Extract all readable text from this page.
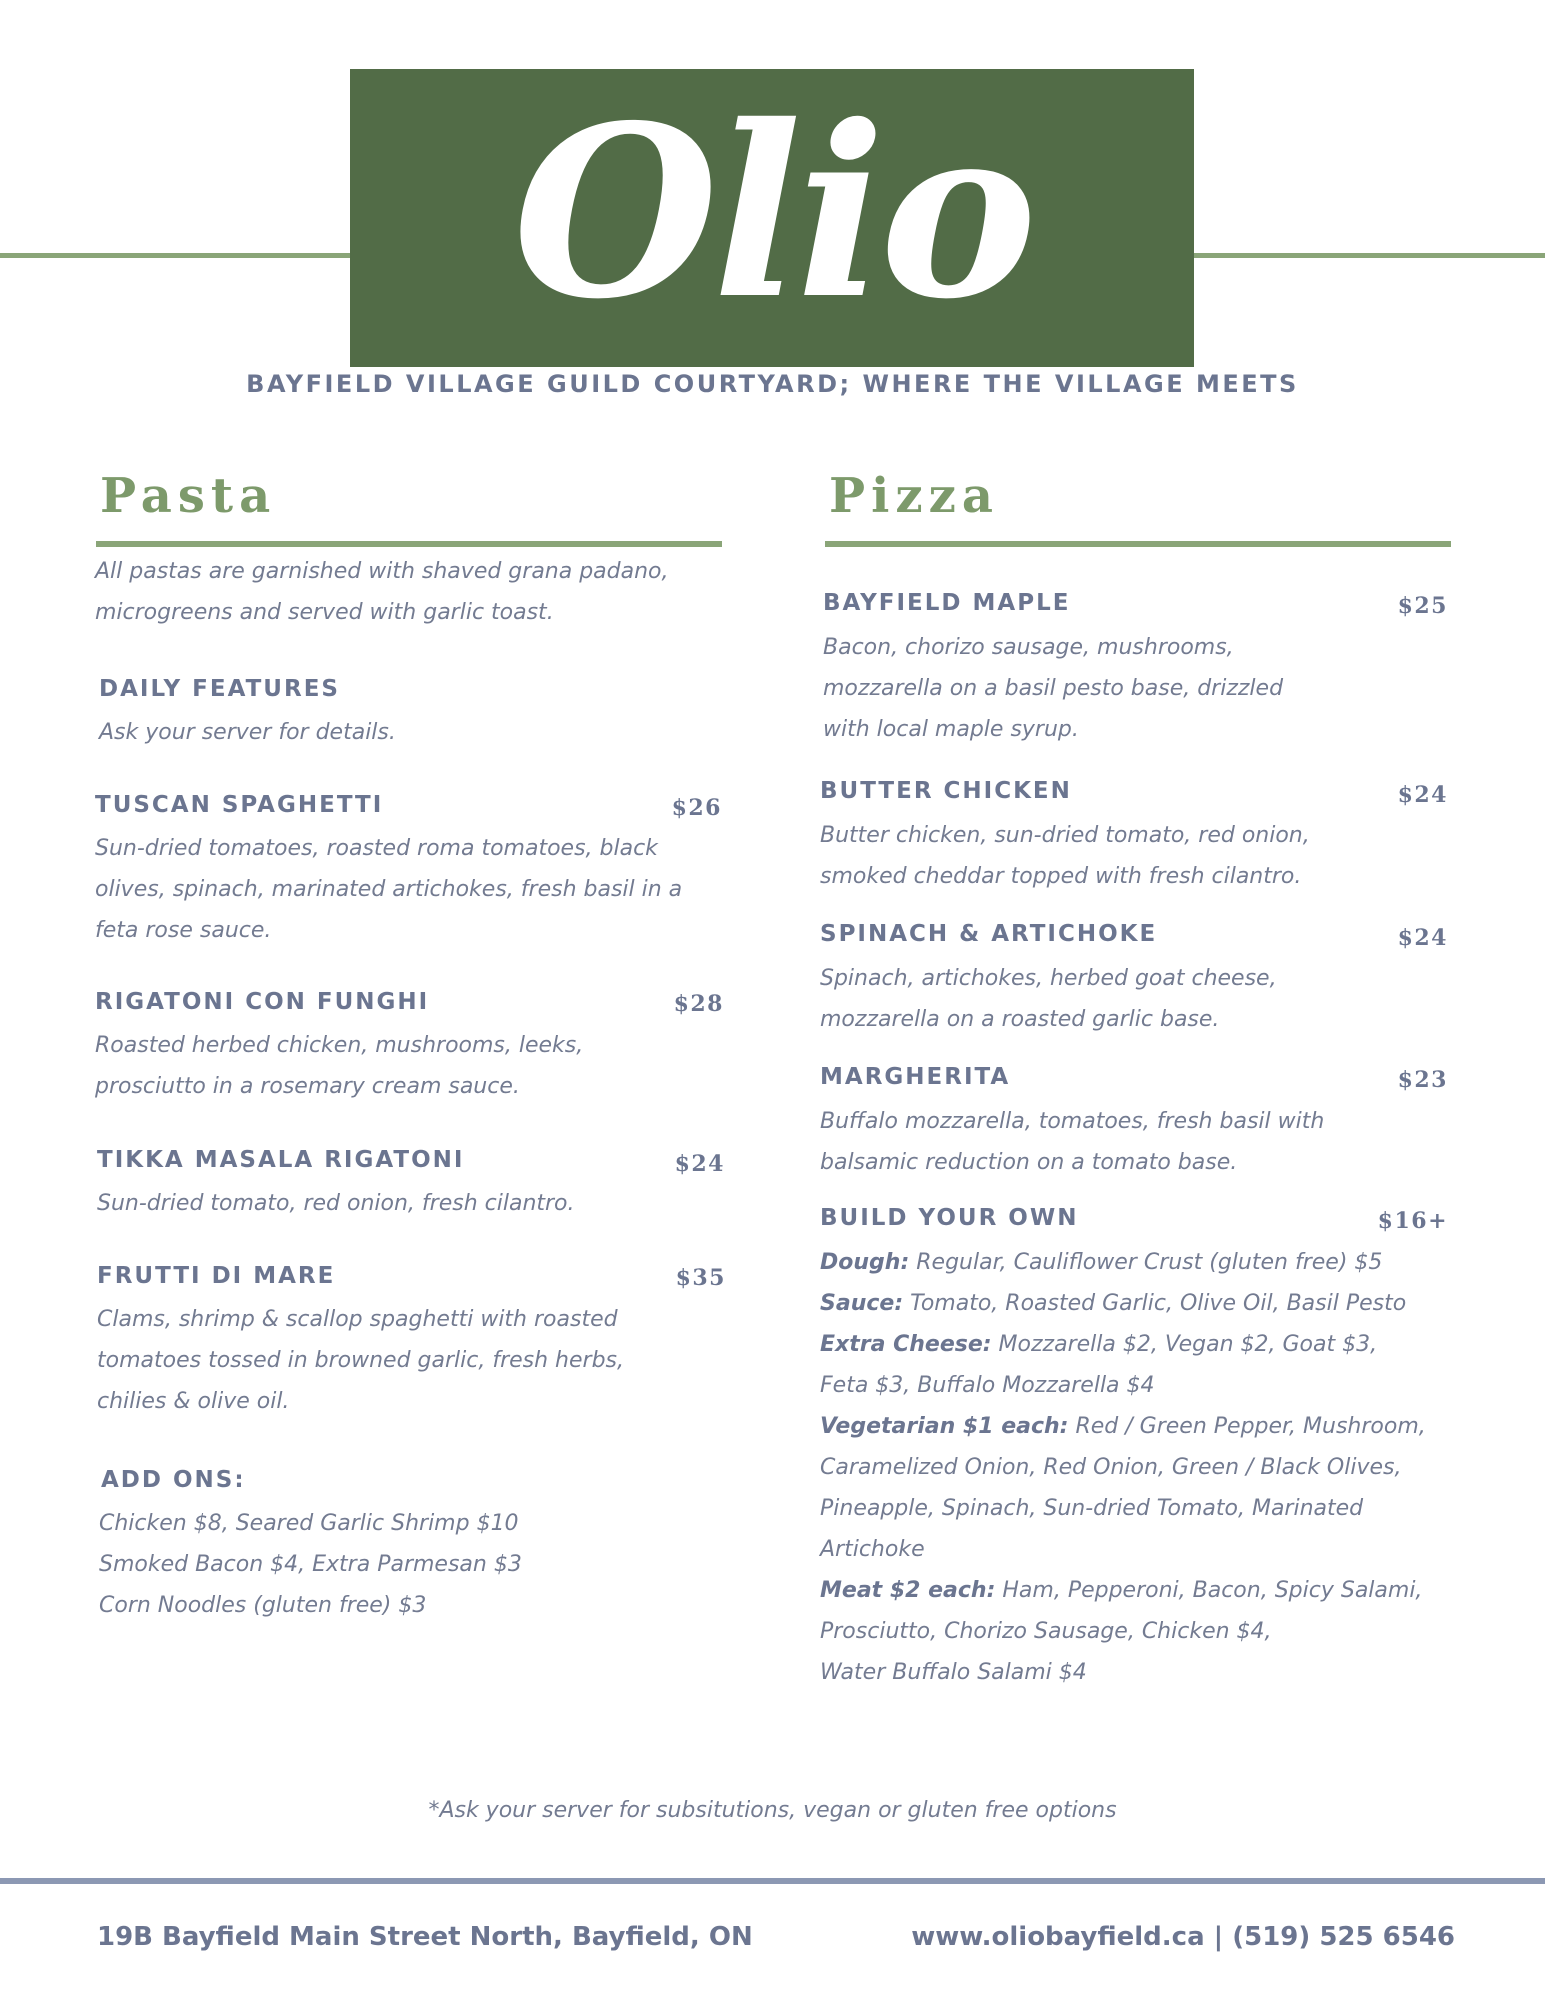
Olio
BAYFIELD VILLAGE GUILD COURTYARD; WHERE THE VILLAGE MEETS
Pasta
All pastas are garnished with shaved grana padano,
microgreens and served with garlic toast.
DAILY FEATURES
Ask your server for details.
TUSCAN SPAGHETTI	$26
Sun-dried tomatoes, roasted roma tomatoes, black
olives, spinach, marinated artichokes, fresh basil in a
feta rose sauce.
RIGATONI CON FUNGHI	$28
Roasted herbed chicken, mushrooms, leeks,
prosciutto in a rosemary cream sauce.
TIKKA MASALA RIGATONI	$24
Sun-dried tomato, red onion, fresh cilantro.
FRUTTI DI MARE	$35
Clams, shrimp & scallop spaghetti with roasted
tomatoes tossed in browned garlic, fresh herbs,
chilies & olive oil.
ADD ONS:
Chicken $8, Seared Garlic Shrimp $10
Smoked Bacon $4, Extra Parmesan $3
Corn Noodles (gluten free) $3
Pizza
BAYFIELD MAPLE	$25
Bacon, chorizo sausage, mushrooms,
mozzarella on a basil pesto base, drizzled
with local maple syrup.
BUTTER CHICKEN	$24
Butter chicken, sun-dried tomato, red onion,
smoked cheddar topped with fresh cilantro.
SPINACH & ARTICHOKE	$24
Spinach, artichokes, herbed goat cheese,
mozzarella on a roasted garlic base.
MARGHERITA	$23
Buffalo mozzarella, tomatoes, fresh basil with
balsamic reduction on a tomato base.
BUILD YOUR OWN	$16+
Dough: Regular, Cauliflower Crust (gluten free) $5
Sauce: Tomato, Roasted Garlic, Olive Oil, Basil Pesto
Extra Cheese: Mozzarella $2, Vegan $2, Goat $3,
Feta $3, Buffalo Mozzarella $4
Vegetarian $1 each: Red / Green Pepper, Mushroom,
Caramelized Onion, Red Onion, Green / Black Olives,
Pineapple, Spinach, Sun-dried Tomato, Marinated
Artichoke
Meat $2 each: Ham, Pepperoni, Bacon, Spicy Salami,
Prosciutto, Chorizo Sausage, Chicken $4,
Water Buffalo Salami $4
*Ask your server for subsitutions, vegan or gluten free options
19B Bayfield Main Street North, Bayfield, ON	www.oliobayfield.ca | (519) 525 6546
